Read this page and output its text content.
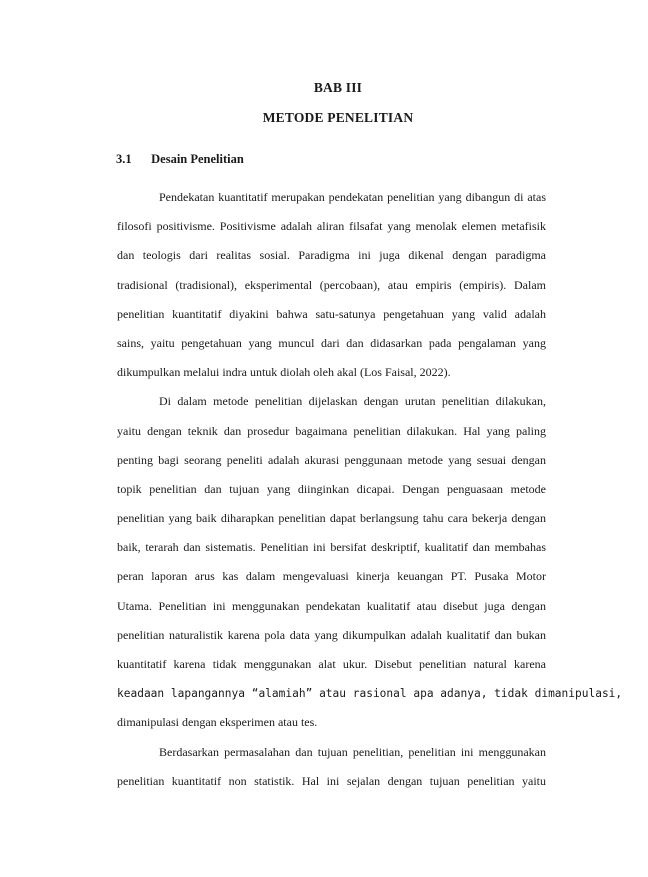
BAB III
METODE PENELITIAN
3.1 Desain Penelitian
Pendekatan kuantitatif merupakan pendekatan penelitian yang dibangun di atas
filosofi positivisme. Positivisme adalah aliran filsafat yang menolak elemen metafisik
dan teologis dari realitas sosial. Paradigma ini juga dikenal dengan paradigma
tradisional (tradisional), eksperimental (percobaan), atau empiris (empiris). Dalam
penelitian kuantitatif diyakini bahwa satu-satunya pengetahuan yang valid adalah
sains, yaitu pengetahuan yang muncul dari dan didasarkan pada pengalaman yang
dikumpulkan melalui indra untuk diolah oleh akal (Los Faisal, 2022).
Di dalam metode penelitian dijelaskan dengan urutan penelitian dilakukan,
yaitu dengan teknik dan prosedur bagaimana penelitian dilakukan. Hal yang paling
penting bagi seorang peneliti adalah akurasi penggunaan metode yang sesuai dengan
topik penelitian dan tujuan yang diinginkan dicapai. Dengan penguasaan metode
penelitian yang baik diharapkan penelitian dapat berlangsung tahu cara bekerja dengan
baik, terarah dan sistematis. Penelitian ini bersifat deskriptif, kualitatif dan membahas
peran laporan arus kas dalam mengevaluasi kinerja keuangan PT. Pusaka Motor
Utama. Penelitian ini menggunakan pendekatan kualitatif atau disebut juga dengan
penelitian naturalistik karena pola data yang dikumpulkan adalah kualitatif dan bukan
kuantitatif karena tidak menggunakan alat ukur. Disebut penelitian natural karena
keadaan lapangannya “alamiah” atau rasional apa adanya, tidak dimanipulasi,
dimanipulasi dengan eksperimen atau tes.
Berdasarkan permasalahan dan tujuan penelitian, penelitian ini menggunakan
penelitian kuantitatif non statistik. Hal ini sejalan dengan tujuan penelitian yaitu
